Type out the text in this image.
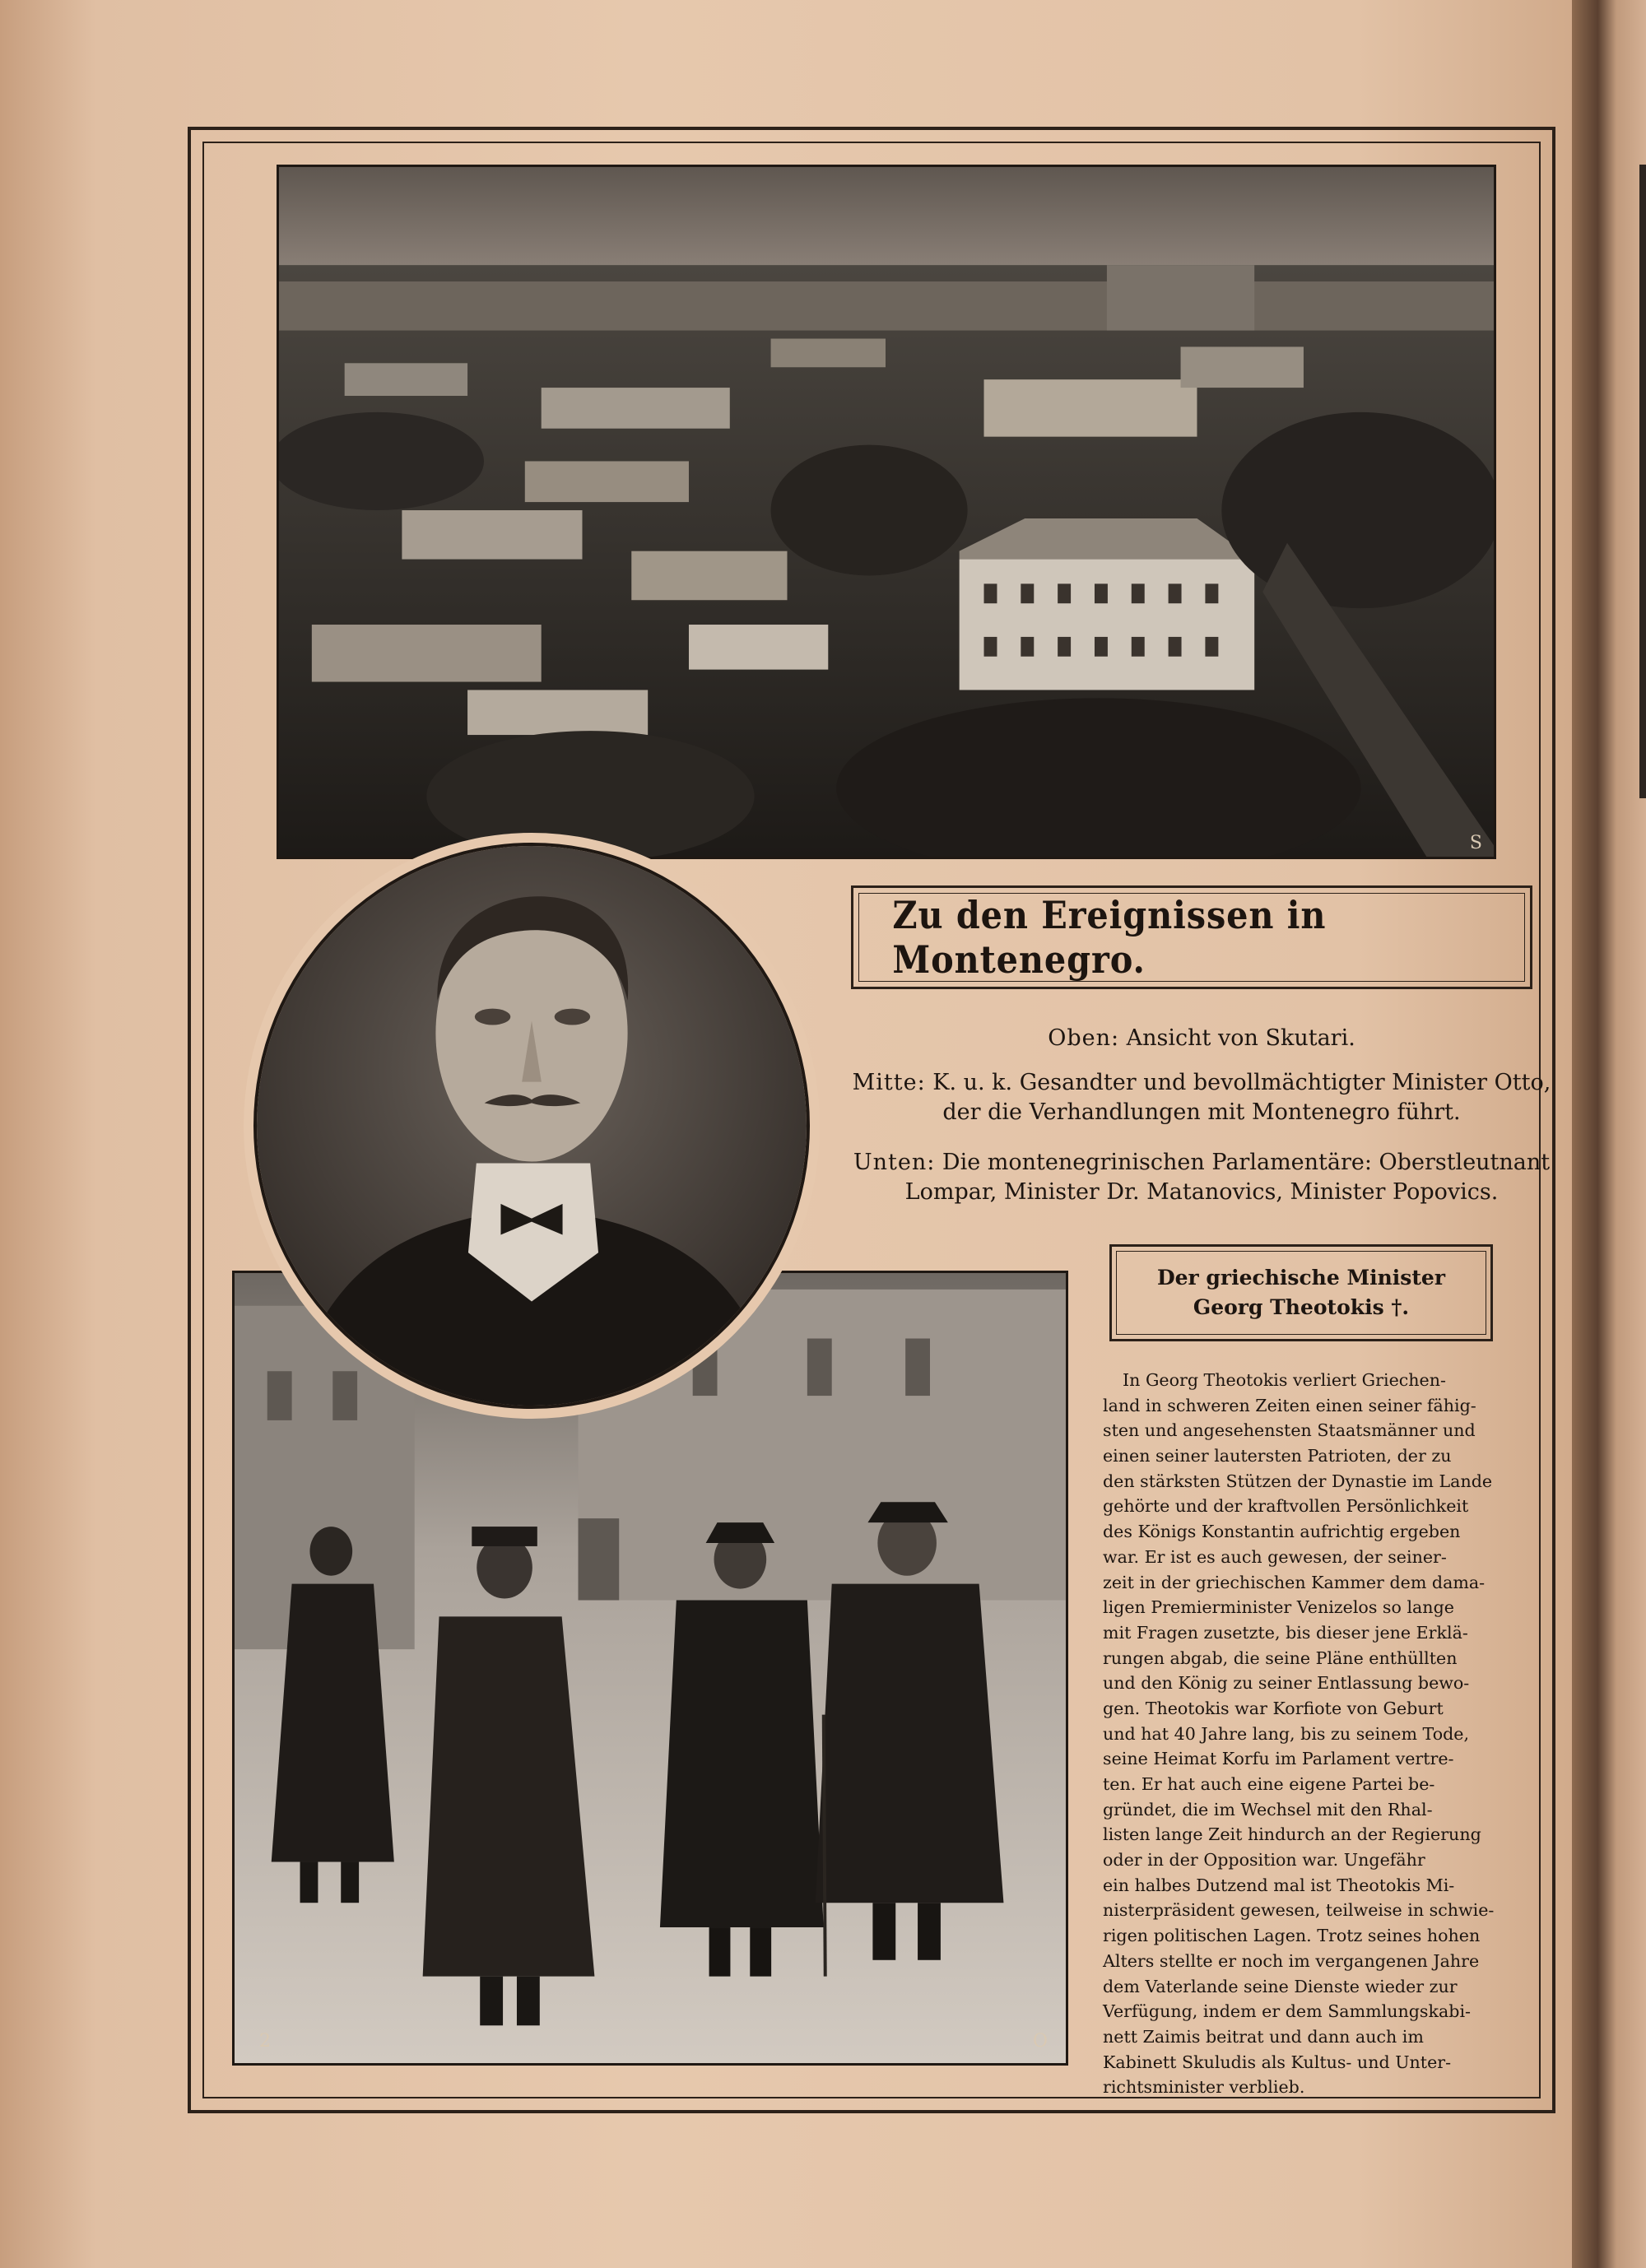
S
2	O
Zu den Ereignissen in Montenegro.
Oben: Ansicht von Skutari.
Mitte: K. u. k. Gesandter und bevollmächtigter Minister Otto,
der die Verhandlungen mit Montenegro führt.
Unten: Die montenegrinischen Parlamentäre: Oberstleutnant
Lompar, Minister Dr. Matanovics, Minister Popovics.
Der griechische Minister
Georg Theotokis †.
In Georg Theotokis verliert Griechen-
land in schweren Zeiten einen seiner fähig-
sten und angesehensten Staatsmänner und
einen seiner lautersten Patrioten, der zu
den stärksten Stützen der Dynastie im Lande
gehörte und der kraftvollen Persönlichkeit
des Königs Konstantin aufrichtig ergeben
war. Er ist es auch gewesen, der seiner-
zeit in der griechischen Kammer dem dama-
ligen Premierminister Venizelos so lange
mit Fragen zusetzte, bis dieser jene Erklä-
rungen abgab, die seine Pläne enthüllten
und den König zu seiner Entlassung bewo-
gen. Theotokis war Korfiote von Geburt
und hat 40 Jahre lang, bis zu seinem Tode,
seine Heimat Korfu im Parlament vertre-
ten. Er hat auch eine eigene Partei be-
gründet, die im Wechsel mit den Rhal-
listen lange Zeit hindurch an der Regierung
oder in der Opposition war. Ungefähr
ein halbes Dutzend mal ist Theotokis Mi-
nisterpräsident gewesen, teilweise in schwie-
rigen politischen Lagen. Trotz seines hohen
Alters stellte er noch im vergangenen Jahre
dem Vaterlande seine Dienste wieder zur
Verfügung, indem er dem Sammlungskabi-
nett Zaimis beitrat und dann auch im
Kabinett Skuludis als Kultus- und Unter-
richtsminister verblieb.
